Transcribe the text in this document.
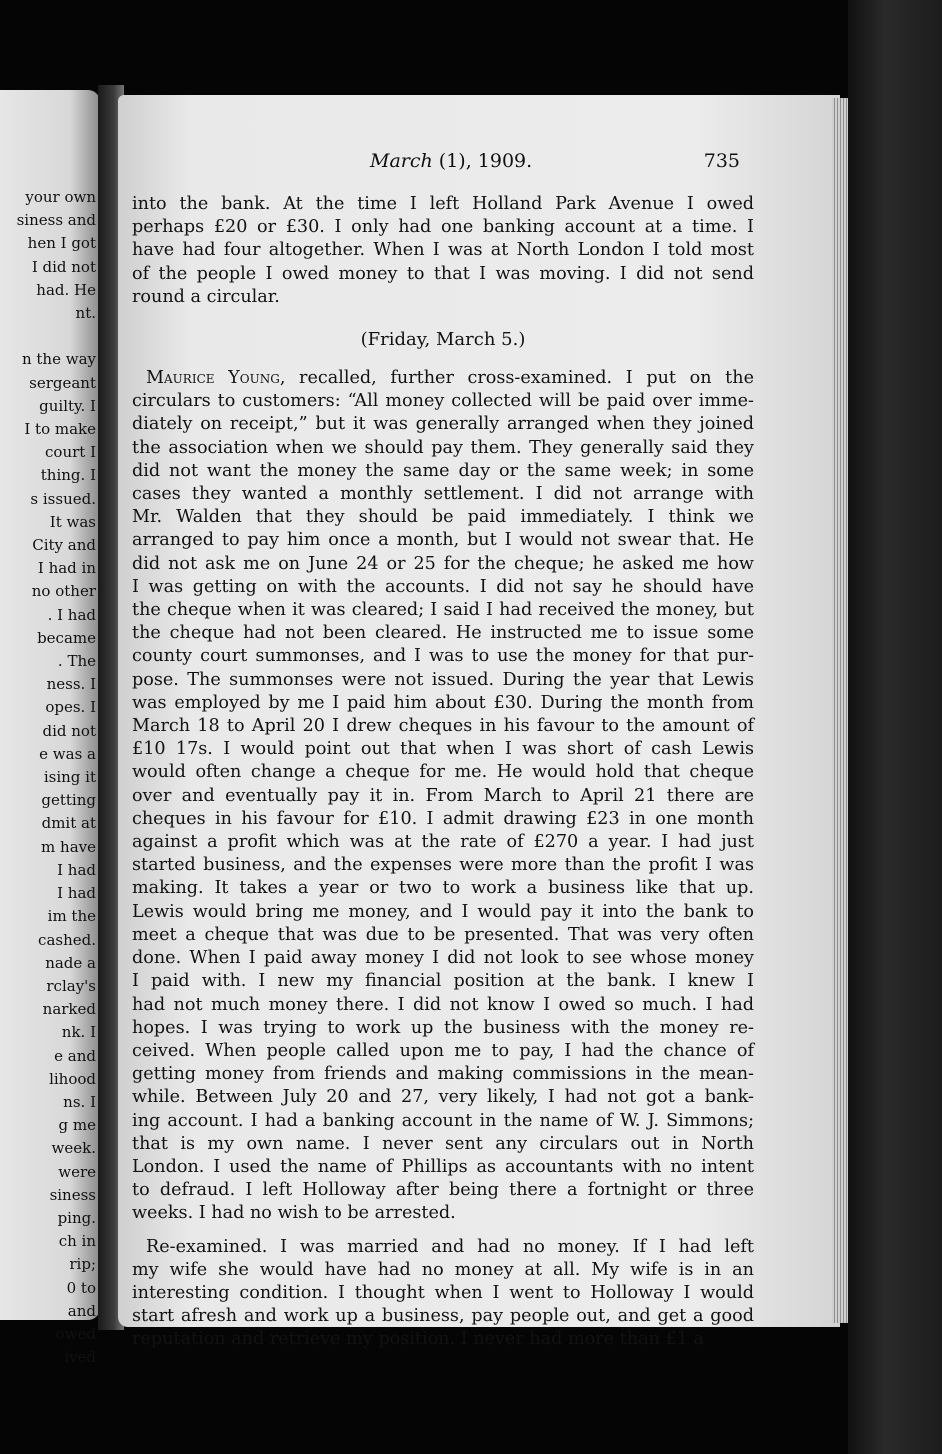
your own
siness and
hen I got
I did not
had. He
nt.

n the way
sergeant
guilty. I
I to make
court I
thing. I
s issued.
It was
City and
I had in
no other
. I had
became
. The
ness. I
opes. I
did not
e was a
ising it
getting
dmit at
m have
I had
I had
im the
cashed.
nade a
rclay's
narked
nk. I
e and
lihood
ns. I
g me
week.
were
siness
ping.
ch in
rip;
0 to
and
owed
ived
March (1), 1909.	735
into the bank. At the time I left Holland Park Avenue I owed
perhaps £20 or £30. I only had one banking account at a time. I
have had four altogether. When I was at North London I told most
of the people I owed money to that I was moving. I did not send
round a circular.
(Friday, March 5.)
Maurice Young, recalled, further cross-examined. I put on the
circulars to customers: “All money collected will be paid over imme-
diately on receipt,” but it was generally arranged when they joined
the association when we should pay them. They generally said they
did not want the money the same day or the same week; in some
cases they wanted a monthly settlement. I did not arrange with
Mr. Walden that they should be paid immediately. I think we
arranged to pay him once a month, but I would not swear that. He
did not ask me on June 24 or 25 for the cheque; he asked me how
I was getting on with the accounts. I did not say he should have
the cheque when it was cleared; I said I had received the money, but
the cheque had not been cleared. He instructed me to issue some
county court summonses, and I was to use the money for that pur-
pose. The summonses were not issued. During the year that Lewis
was employed by me I paid him about £30. During the month from
March 18 to April 20 I drew cheques in his favour to the amount of
£10 17s. I would point out that when I was short of cash Lewis
would often change a cheque for me. He would hold that cheque
over and eventually pay it in. From March to April 21 there are
cheques in his favour for £10. I admit drawing £23 in one month
against a profit which was at the rate of £270 a year. I had just
started business, and the expenses were more than the profit I was
making. It takes a year or two to work a business like that up.
Lewis would bring me money, and I would pay it into the bank to
meet a cheque that was due to be presented. That was very often
done. When I paid away money I did not look to see whose money
I paid with. I new my financial position at the bank. I knew I
had not much money there. I did not know I owed so much. I had
hopes. I was trying to work up the business with the money re-
ceived. When people called upon me to pay, I had the chance of
getting money from friends and making commissions in the mean-
while. Between July 20 and 27, very likely, I had not got a bank-
ing account. I had a banking account in the name of W. J. Simmons;
that is my own name. I never sent any circulars out in North
London. I used the name of Phillips as accountants with no intent
to defraud. I left Holloway after being there a fortnight or three
weeks. I had no wish to be arrested.
Re-examined. I was married and had no money. If I had left
my wife she would have had no money at all. My wife is in an
interesting condition. I thought when I went to Holloway I would
start afresh and work up a business, pay people out, and get a good
reputation and retrieve my position. I never had more than £1 a
